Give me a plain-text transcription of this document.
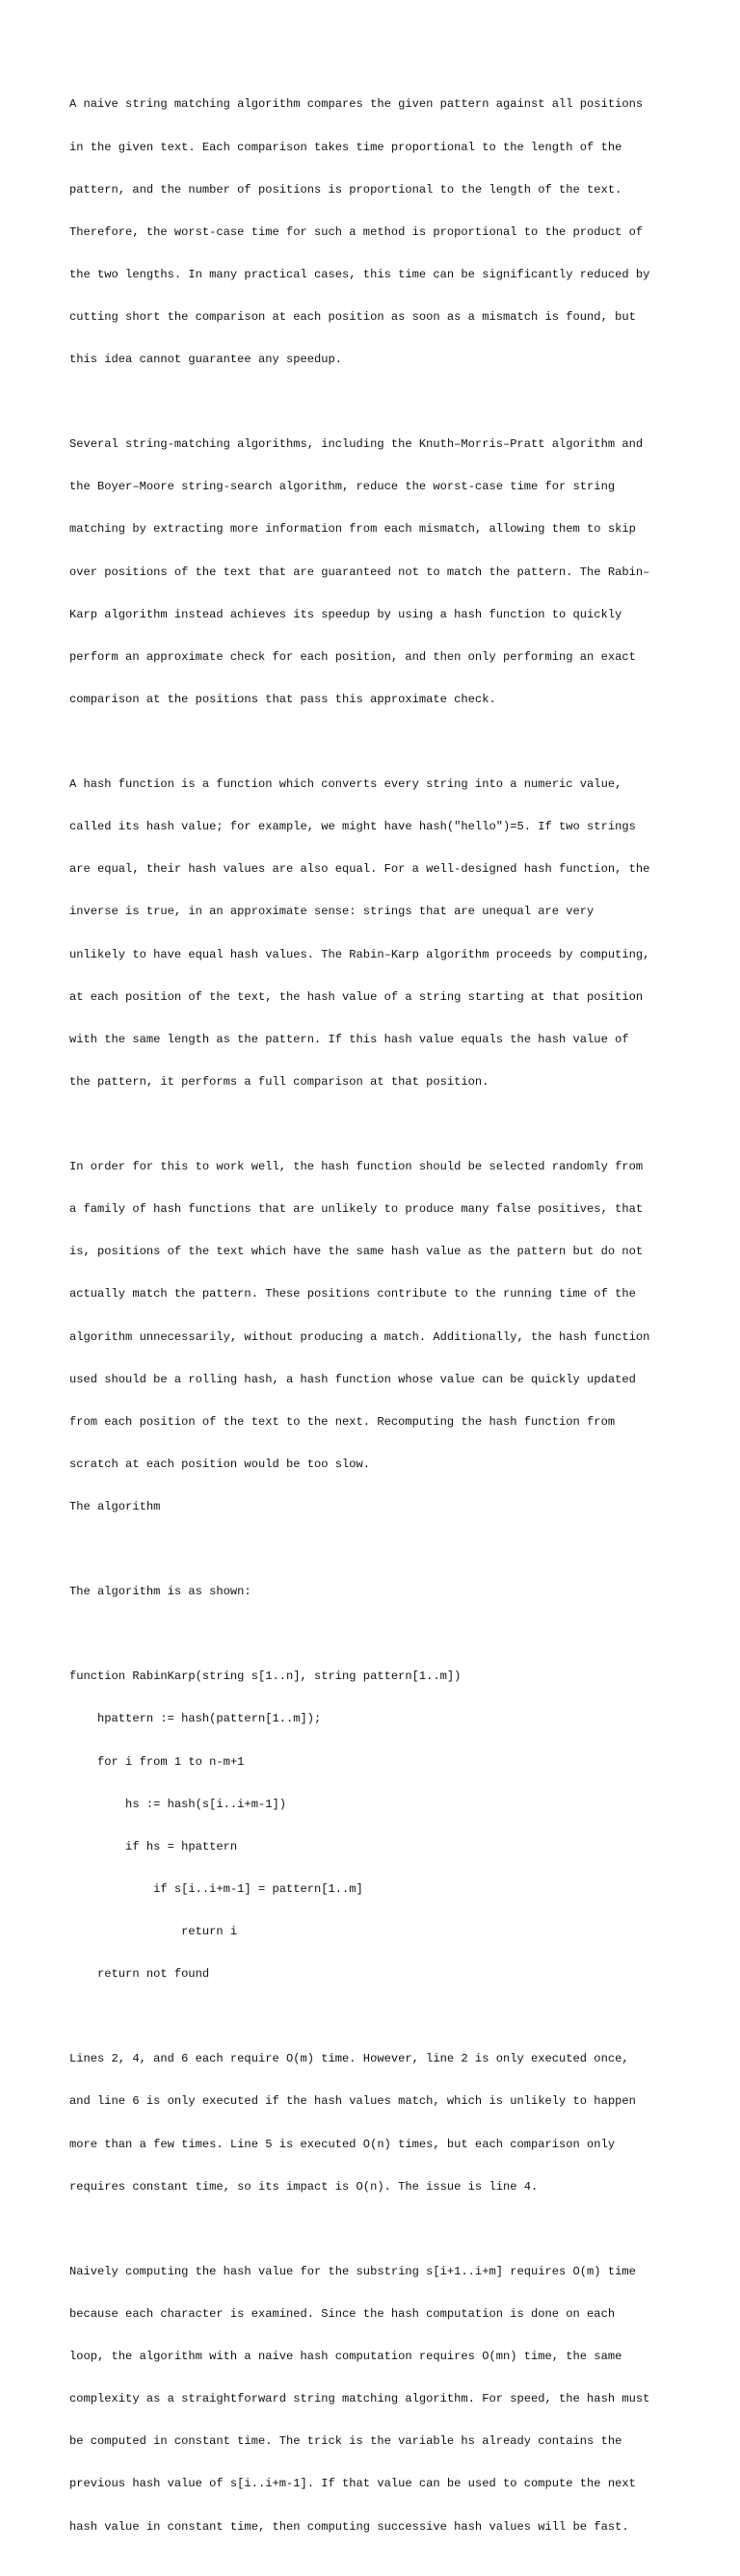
A naive string matching algorithm compares the given pattern against all positions

in the given text. Each comparison takes time proportional to the length of the

pattern, and the number of positions is proportional to the length of the text.

Therefore, the worst-case time for such a method is proportional to the product of

the two lengths. In many practical cases, this time can be significantly reduced by

cutting short the comparison at each position as soon as a mismatch is found, but

this idea cannot guarantee any speedup.

Several string-matching algorithms, including the Knuth–Morris–Pratt algorithm and

the Boyer–Moore string-search algorithm, reduce the worst-case time for string

matching by extracting more information from each mismatch, allowing them to skip

over positions of the text that are guaranteed not to match the pattern. The Rabin–

Karp algorithm instead achieves its speedup by using a hash function to quickly

perform an approximate check for each position, and then only performing an exact

comparison at the positions that pass this approximate check.

A hash function is a function which converts every string into a numeric value,

called its hash value; for example, we might have hash("hello")=5. If two strings

are equal, their hash values are also equal. For a well-designed hash function, the

inverse is true, in an approximate sense: strings that are unequal are very

unlikely to have equal hash values. The Rabin–Karp algorithm proceeds by computing,

at each position of the text, the hash value of a string starting at that position

with the same length as the pattern. If this hash value equals the hash value of

the pattern, it performs a full comparison at that position.

In order for this to work well, the hash function should be selected randomly from

a family of hash functions that are unlikely to produce many false positives, that

is, positions of the text which have the same hash value as the pattern but do not

actually match the pattern. These positions contribute to the running time of the

algorithm unnecessarily, without producing a match. Additionally, the hash function

used should be a rolling hash, a hash function whose value can be quickly updated

from each position of the text to the next. Recomputing the hash function from

scratch at each position would be too slow.

The algorithm

The algorithm is as shown:

function RabinKarp(string s[1..n], string pattern[1..m])

hpattern := hash(pattern[1..m]);

for i from 1 to n-m+1

hs := hash(s[i..i+m-1])

if hs = hpattern

if s[i..i+m-1] = pattern[1..m]

return i

return not found

Lines 2, 4, and 6 each require O(m) time. However, line 2 is only executed once,

and line 6 is only executed if the hash values match, which is unlikely to happen

more than a few times. Line 5 is executed O(n) times, but each comparison only

requires constant time, so its impact is O(n). The issue is line 4.

Naively computing the hash value for the substring s[i+1..i+m] requires O(m) time

because each character is examined. Since the hash computation is done on each

loop, the algorithm with a naive hash computation requires O(mn) time, the same

complexity as a straightforward string matching algorithm. For speed, the hash must

be computed in constant time. The trick is the variable hs already contains the

previous hash value of s[i..i+m-1]. If that value can be used to compute the next

hash value in constant time, then computing successive hash values will be fast.
